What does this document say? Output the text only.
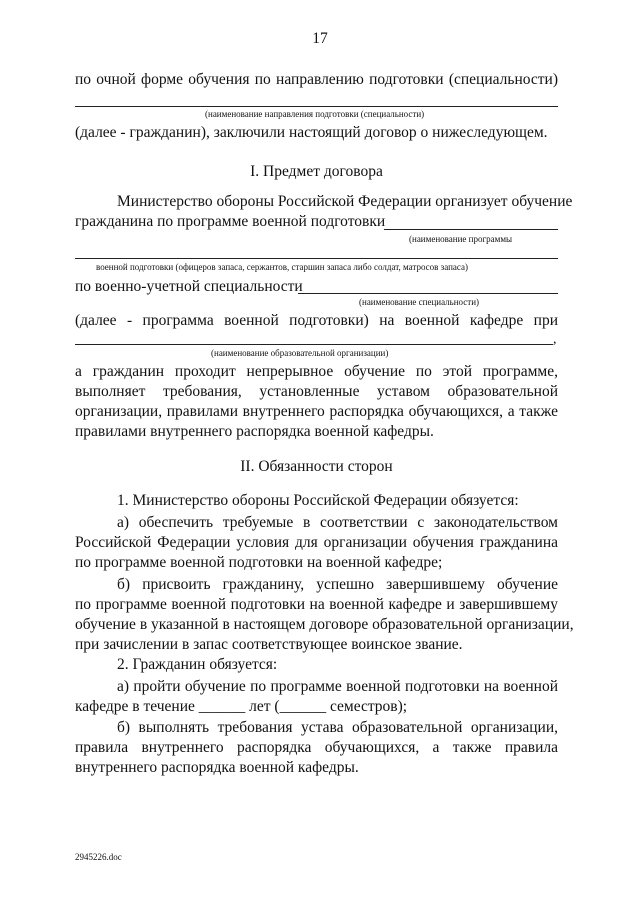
17
по очной форме обучения по направлению подготовки (специальности)
(наименование направления подготовки (специальности)
(далее - гражданин), заключили настоящий договор о нижеследующем.
I. Предмет договора
Министерство обороны Российской Федерации организует обучение
гражданина по программе военной подготовки
(наименование программы
военной подготовки (офицеров запаса, сержантов, старшин запаса либо солдат, матросов запаса)
по военно-учетной специальности
(наименование специальности)
(далее - программа военной подготовки) на военной кафедре при
,
(наименование образовательной организации)
а гражданин проходит непрерывное обучение по этой программе,
выполняет требования, установленные уставом образовательной
организации, правилами внутреннего распорядка обучающихся, а также
правилами внутреннего распорядка военной кафедры.
II. Обязанности сторон
1. Министерство обороны Российской Федерации обязуется:
а) обеспечить требуемые в соответствии с законодательством
Российской Федерации условия для организации обучения гражданина
по программе военной подготовки на военной кафедре;
б) присвоить гражданину, успешно завершившему обучение
по программе военной подготовки на военной кафедре и завершившему
обучение в указанной в настоящем договоре образовательной организации,
при зачислении в запас соответствующее воинское звание.
2. Гражданин обязуется:
а) пройти обучение по программе военной подготовки на военной
кафедре в течение ______ лет (______ семестров);
б) выполнять требования устава образовательной организации,
правила внутреннего распорядка обучающихся, а также правила
внутреннего распорядка военной кафедры.
2945226.doc
